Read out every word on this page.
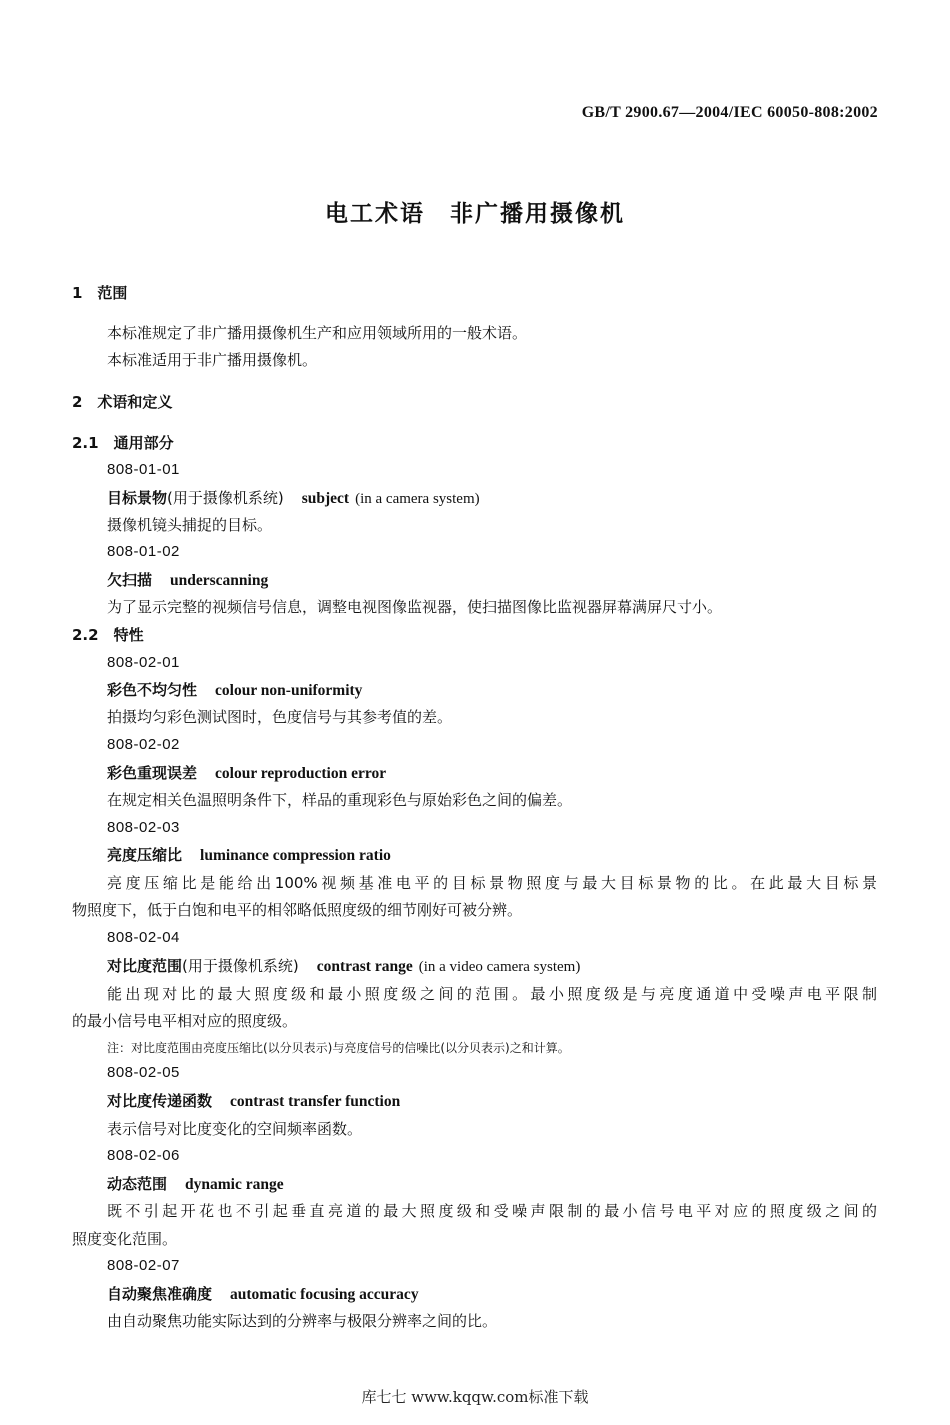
GB/T 2900.67—2004/IEC 60050-808:2002
电工术语　非广播用摄像机
1　范围
本标准规定了非广播用摄像机生产和应用领域所用的一般术语。
本标准适用于非广播用摄像机。
2　术语和定义
2.1　通用部分
808-01-01
目标景物(用于摄像机系统) subject (in a camera system)
摄像机镜头捕捉的目标。
808-01-02
欠扫描 underscanning
为了显示完整的视频信号信息，调整电视图像监视器，使扫描图像比监视器屏幕满屏尺寸小。
2.2　特性
808-02-01
彩色不均匀性 colour non-uniformity
拍摄均匀彩色测试图时，色度信号与其参考值的差。
808-02-02
彩色重现误差 colour reproduction error
在规定相关色温照明条件下，样品的重现彩色与原始彩色之间的偏差。
808-02-03
亮度压缩比 luminance compression ratio
亮度压缩比是能给出100%视频基准电平的目标景物照度与最大目标景物的比。在此最大目标景
物照度下，低于白饱和电平的相邻略低照度级的细节刚好可被分辨。
808-02-04
对比度范围(用于摄像机系统) contrast range (in a video camera system)
能出现对比的最大照度级和最小照度级之间的范围。最小照度级是与亮度通道中受噪声电平限制
的最小信号电平相对应的照度级。
注：对比度范围由亮度压缩比(以分贝表示)与亮度信号的信噪比(以分贝表示)之和计算。
808-02-05
对比度传递函数 contrast transfer function
表示信号对比度变化的空间频率函数。
808-02-06
动态范围 dynamic range
既不引起开花也不引起垂直亮道的最大照度级和受噪声限制的最小信号电平对应的照度级之间的
照度变化范围。
808-02-07
自动聚焦准确度 automatic focusing accuracy
由自动聚焦功能实际达到的分辨率与极限分辨率之间的比。
库七七 www.kqqw.com标准下载
